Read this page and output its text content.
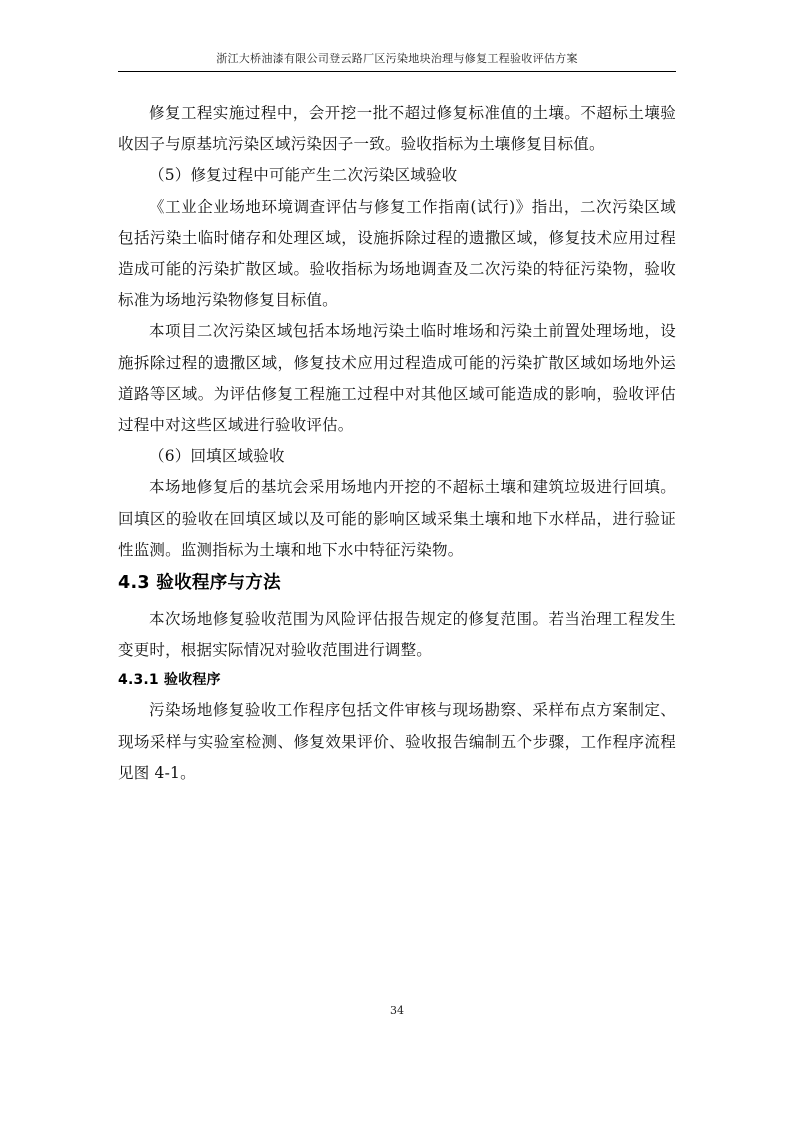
浙江大桥油漆有限公司登云路厂区污染地块治理与修复工程验收评估方案

修复工程实施过程中，会开挖一批不超过修复标准值的土壤。不超标土壤验收因子与原基坑污染区域污染因子一致。验收指标为土壤修复目标值。

（5）修复过程中可能产生二次污染区域验收

《工业企业场地环境调查评估与修复工作指南(试行)》指出，二次污染区域包括污染土临时储存和处理区域，设施拆除过程的遗撒区域，修复技术应用过程造成可能的污染扩散区域。验收指标为场地调查及二次污染的特征污染物，验收标准为场地污染物修复目标值。

本项目二次污染区域包括本场地污染土临时堆场和污染土前置处理场地，设施拆除过程的遗撒区域，修复技术应用过程造成可能的污染扩散区域如场地外运道路等区域。为评估修复工程施工过程中对其他区域可能造成的影响，验收评估过程中对这些区域进行验收评估。

（6）回填区域验收

本场地修复后的基坑会采用场地内开挖的不超标土壤和建筑垃圾进行回填。回填区的验收在回填区域以及可能的影响区域采集土壤和地下水样品，进行验证性监测。监测指标为土壤和地下水中特征污染物。

4.3 验收程序与方法

本次场地修复验收范围为风险评估报告规定的修复范围。若当治理工程发生变更时，根据实际情况对验收范围进行调整。

4.3.1 验收程序

污染场地修复验收工作程序包括文件审核与现场勘察、采样布点方案制定、现场采样与实验室检测、修复效果评价、验收报告编制五个步骤，工作程序流程见图 4-1。

34
